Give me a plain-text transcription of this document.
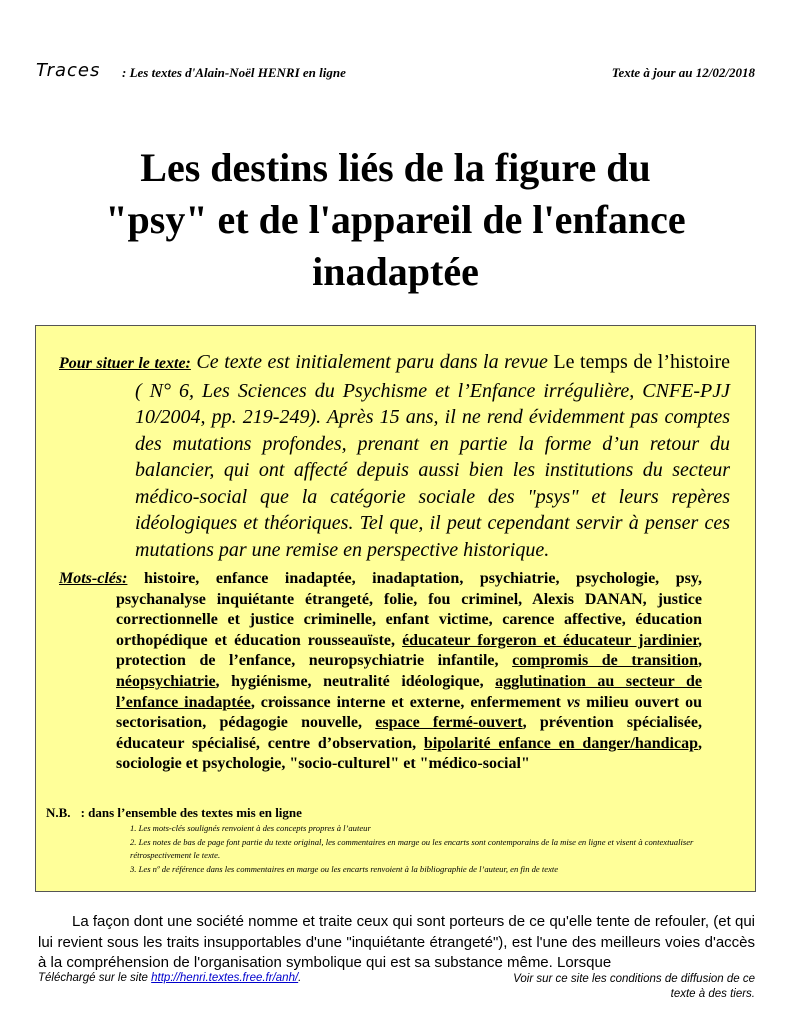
Traces : Les textes d'Alain-Noël HENRI en ligne	Texte à jour au 12/02/2018
Les destins liés de la figure du
"psy" et de l'appareil de l'enfance
inadaptée

Pour situer le texte: Ce texte est initialement paru dans la revue Le temps de l’histoire ( N° 6, Les Sciences du Psychisme et l’Enfance irrégulière, CNFE-PJJ 10/2004, pp. 219-249). Après 15 ans, il ne rend évidemment pas comptes des mutations profondes, prenant en partie la forme d’un retour du balancier, qui ont affecté depuis aussi bien les institutions du secteur médico-social que la catégorie sociale des "psys" et leurs repères idéologiques et théoriques. Tel que, il peut cependant servir à penser ces mutations par une remise en perspective historique.

Mots-clés: histoire, enfance inadaptée, inadaptation, psychiatrie, psychologie, psy, psychanalyse inquiétante étrangeté, folie, fou criminel, Alexis DANAN, justice correctionnelle et justice criminelle, enfant victime, carence affective, éducation orthopédique et éducation rousseauïste, éducateur forgeron et éducateur jardinier, protection de l’enfance, neuropsychiatrie infantile, compromis de transition, néopsychiatrie, hygiénisme, neutralité idéologique, agglutination au secteur de l’enfance inadaptée, croissance interne et externe, enfermement vs milieu ouvert ou sectorisation, pédagogie nouvelle, espace fermé-ouvert, prévention spécialisée, éducateur spécialisé, centre d’observation, bipolarité enfance en danger/handicap, sociologie et psychologie, "socio-culturel" et "médico-social"

N.B. : dans l’ensemble des textes mis en ligne
1. Les mots-clés soulignés renvoient à des concepts propres à l’auteur
2. Les notes de bas de page font partie du texte original, les commentaires en marge ou les encarts sont contemporains de la mise en ligne et visent à contextualiser rétrospectivement le texte.
3. Les nº de référence dans les commentaires en marge ou les encarts renvoient à la bibliographie de l’auteur, en fin de texte

La façon dont une société nomme et traite ceux qui sont porteurs de ce qu'elle tente de refouler, (et qui lui revient sous les traits insupportables d'une "inquiétante étrangeté"), est l'une des meilleurs voies d'accès à la compréhension de l'organisation symbolique qui est sa substance même. Lorsque

Téléchargé sur le site http://henri.textes.free.fr/anh/.	Voir sur ce site les conditions de diffusion de ce
texte à des tiers.
